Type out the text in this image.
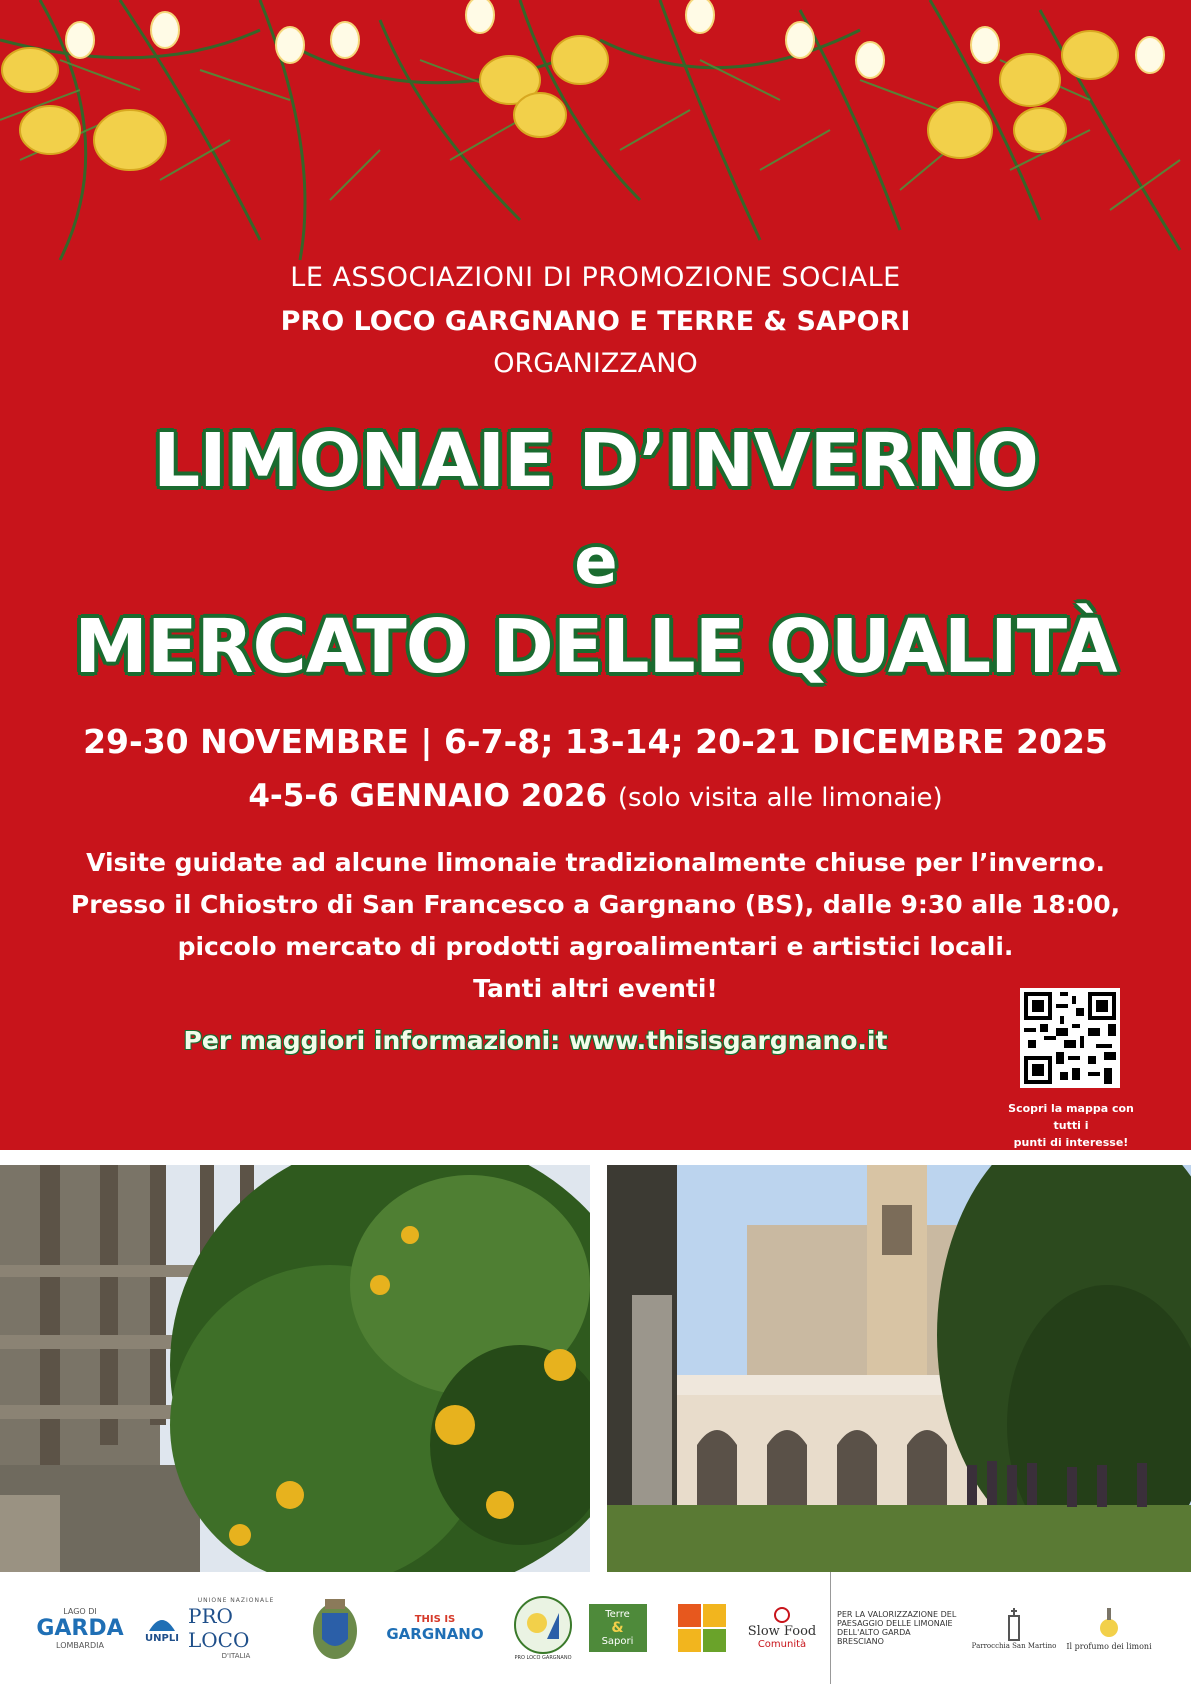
LE ASSOCIAZIONI DI PROMOZIONE SOCIALE
PRO LOCO GARGNANO E TERRE & SAPORI
ORGANIZZANO
LIMONAIE D’INVERNO
e
MERCATO DELLE QUALITÀ
29-30 NOVEMBRE | 6-7-8; 13-14; 20-21 DICEMBRE 2025
4-5-6 GENNAIO 2026 (solo visita alle limonaie)
Visite guidate ad alcune limonaie tradizionalmente chiuse per l’inverno.
Presso il Chiostro di San Francesco a Gargnano (BS), dalle 9:30 alle 18:00,
piccolo mercato di prodotti agroalimentari e artistici locali.
Tanti altri eventi!
Per maggiori informazioni: www.thisisgargnano.it
Scopri la mappa con tutti i
punti di interesse!
LAGO DI
GARDA
LOMBARDIA
UNPLI
UNIONE NAZIONALE
PRO LOCO
D'ITALIA
THIS IS
GARGNANO
PRO LOCO GARGNANO
Terre
&
Sapori
Slow Food
Comunità
PER LA VALORIZZAZIONE DEL
PAESAGGIO DELLE LIMONAIE
DELL'ALTO GARDA BRESCIANO	Parrocchia San Martino Il profumo dei limoni
